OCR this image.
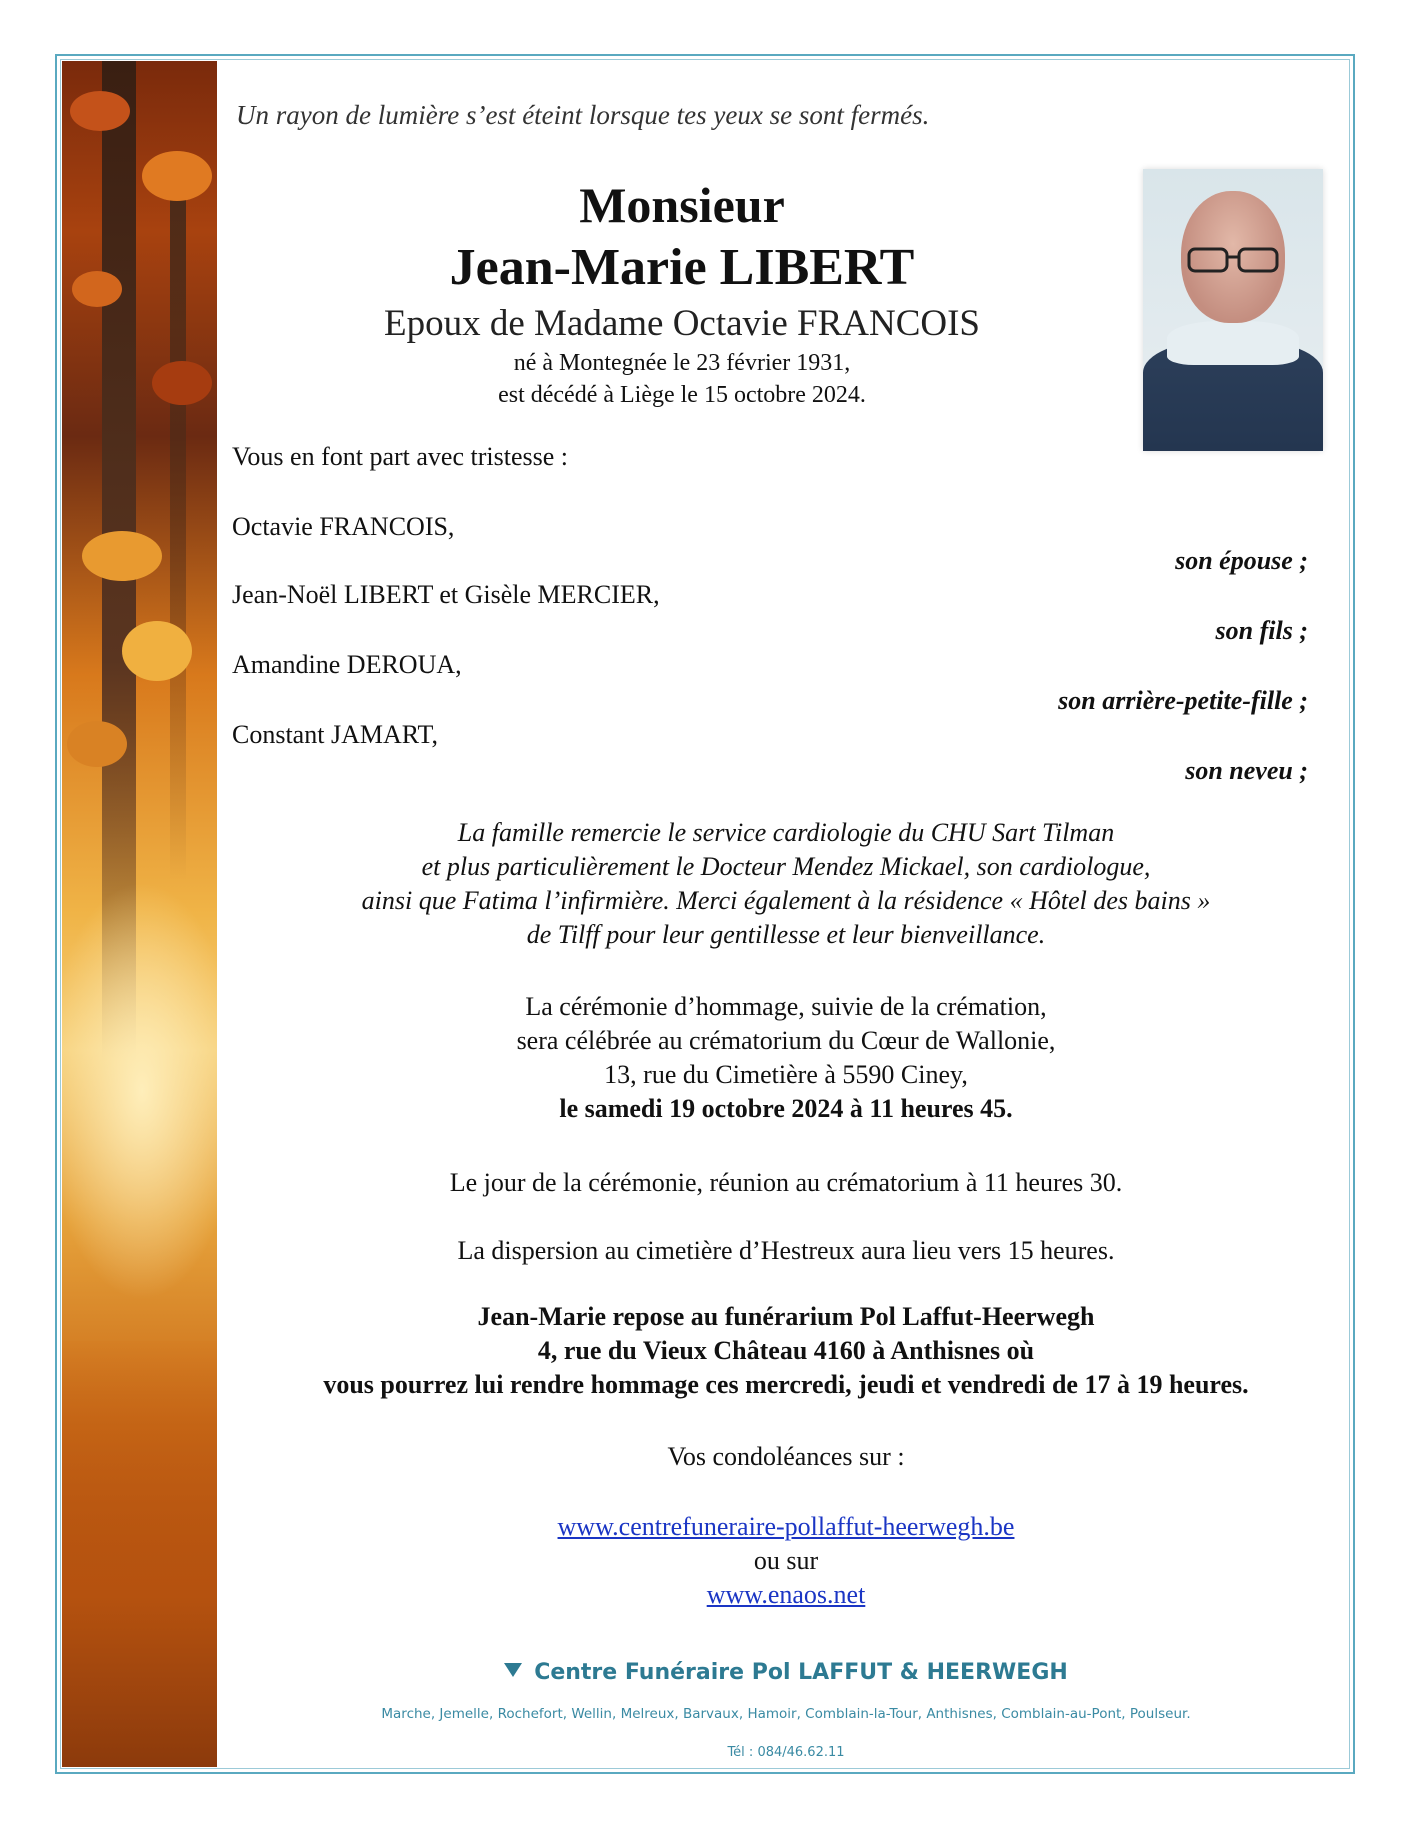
Un rayon de lumière s’est éteint lorsque tes yeux se sont fermés.
Monsieur
Jean-Marie LIBERT
Epoux de Madame Octavie FRANCOIS
né à Montegnée le 23 février 1931,
est décédé à Liège le 15 octobre 2024.
Vous en font part avec tristesse :
Octavie FRANCOIS,
son épouse ;
Jean-Noël LIBERT et Gisèle MERCIER,
son fils ;
Amandine DEROUA,
son arrière-petite-fille ;
Constant JAMART,
son neveu ;
La famille remercie le service cardiologie du CHU Sart Tilman
et plus particulièrement le Docteur Mendez Mickael, son cardiologue,
ainsi que Fatima l’infirmière. Merci également à la résidence « Hôtel des bains »
de Tilff pour leur gentillesse et leur bienveillance.
La cérémonie d’hommage, suivie de la crémation,
sera célébrée au crématorium du Cœur de Wallonie,
13, rue du Cimetière à 5590 Ciney,
le samedi 19 octobre 2024 à 11 heures 45.
Le jour de la cérémonie, réunion au crématorium à 11 heures 30.
La dispersion au cimetière d’Hestreux aura lieu vers 15 heures.
Jean-Marie repose au funérarium Pol Laffut-Heerwegh
4, rue du Vieux Château 4160 à Anthisnes où
vous pourrez lui rendre hommage ces mercredi, jeudi et vendredi de 17 à 19 heures.
Vos condoléances sur :
www.centrefuneraire-pollaffut-heerwegh.be
ou sur
www.enaos.net
Centre Funéraire Pol LAFFUT & HEERWEGH
Marche, Jemelle, Rochefort, Wellin, Melreux, Barvaux, Hamoir, Comblain-la-Tour, Anthisnes, Comblain-au-Pont, Poulseur.
Tél : 084/46.62.11
